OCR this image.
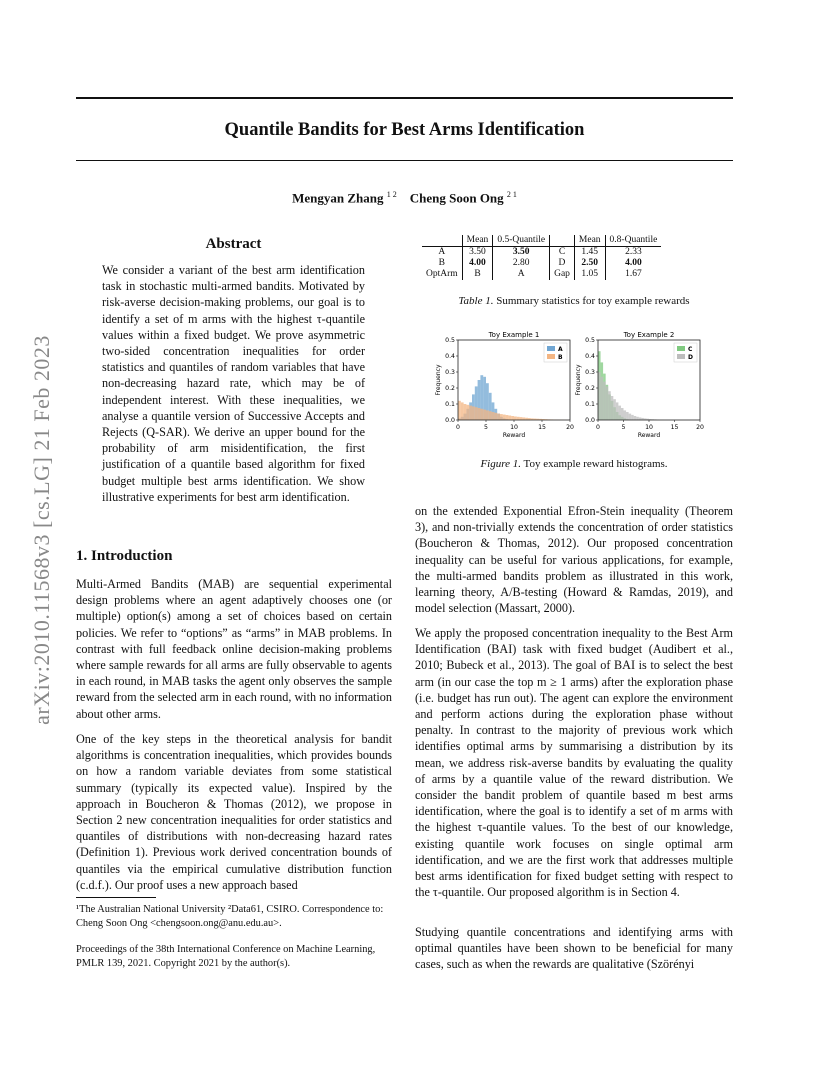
arXiv:2010.11568v3 [cs.LG] 21 Feb 2023
Quantile Bandits for Best Arms Identification
Mengyan Zhang $^{1 2}$ Cheng Soon Ong $^{2 1}$
Abstract
We consider a variant of the best arm identification task in stochastic multi-armed bandits. Motivated by risk-averse decision-making problems, our goal is to identify a set of m arms with the highest τ-quantile values within a fixed budget. We prove asymmetric two-sided concentration inequalities for order statistics and quantiles of random variables that have non-decreasing hazard rate, which may be of independent interest. With these inequalities, we analyse a quantile version of Successive Accepts and Rejects (Q-SAR). We derive an upper bound for the probability of arm misidentification, the first justification of a quantile based algorithm for fixed budget multiple best arms identification. We show illustrative experiments for best arm identification.
1. Introduction

Multi-Armed Bandits (MAB) are sequential experimental design problems where an agent adaptively chooses one (or multiple) option(s) among a set of choices based on certain policies. We refer to “options” as “arms” in MAB problems. In contrast with full feedback online decision-making problems where sample rewards for all arms are fully observable to agents in each round, in MAB tasks the agent only observes the sample reward from the selected arm in each round, with no information about other arms.

One of the key steps in the theoretical analysis for bandit algorithms is concentration inequalities, which provides bounds on how a random variable deviates from some statistical summary (typically its expected value). Inspired by the approach in Boucheron & Thomas (2012), we propose in Section 2 new concentration inequalities for order statistics and quantiles of distributions with non-decreasing hazard rates (Definition 1). Previous work derived concentration bounds of quantiles via the empirical cumulative distribution function (c.d.f.). Our proof uses a new approach based

¹The Australian National University ²Data61, CSIRO. Correspondence to: Cheng Soon Ong <chengsoon.ong@anu.edu.au>.
Proceedings of the 38th International Conference on Machine Learning, PMLR 139, 2021. Copyright 2021 by the author(s).
	Mean	0.5-Quantile		Mean	0.8-Quantile
A	3.50	3.50	C	1.45	2.33
B	4.00	2.80	D	2.50	4.00
OptArm	B	A	Gap	1.05	1.67
Table 1. Summary statistics for toy example rewards
Toy Example 1
0	5	10	15	20
0.0
0.1
0.2
0.3
0.4
0.5
Reward
Frequency
A
B
Toy Example 2
0	5	10	15	20
0.0
0.1
0.2
0.3
0.4
0.5
Reward
Frequency
C
D
Figure 1. Toy example reward histograms.

on the extended Exponential Efron-Stein inequality (Theorem 3), and non-trivially extends the concentration of order statistics (Boucheron & Thomas, 2012). Our proposed concentration inequality can be useful for various applications, for example, the multi-armed bandits problem as illustrated in this work, learning theory, A/B-testing (Howard & Ramdas, 2019), and model selection (Massart, 2000).

We apply the proposed concentration inequality to the Best Arm Identification (BAI) task with fixed budget (Audibert et al., 2010; Bubeck et al., 2013). The goal of BAI is to select the best arm (in our case the top m ≥ 1 arms) after the exploration phase (i.e. budget has run out). The agent can explore the environment and perform actions during the exploration phase without penalty. In contrast to the majority of previous work which identifies optimal arms by summarising a distribution by its mean, we address risk-averse bandits by evaluating the quality of arms by a quantile value of the reward distribution. We consider the bandit problem of quantile based m best arms identification, where the goal is to identify a set of m arms with the highest τ-quantile values. To the best of our knowledge, existing quantile work focuses on single optimal arm identification, and we are the first work that addresses multiple best arms identification for fixed budget setting with respect to the τ-quantile. Our proposed algorithm is in Section 4.

Studying quantile concentrations and identifying arms with optimal quantiles have been shown to be beneficial for many cases, such as when the rewards are qualitative (Szörényi
